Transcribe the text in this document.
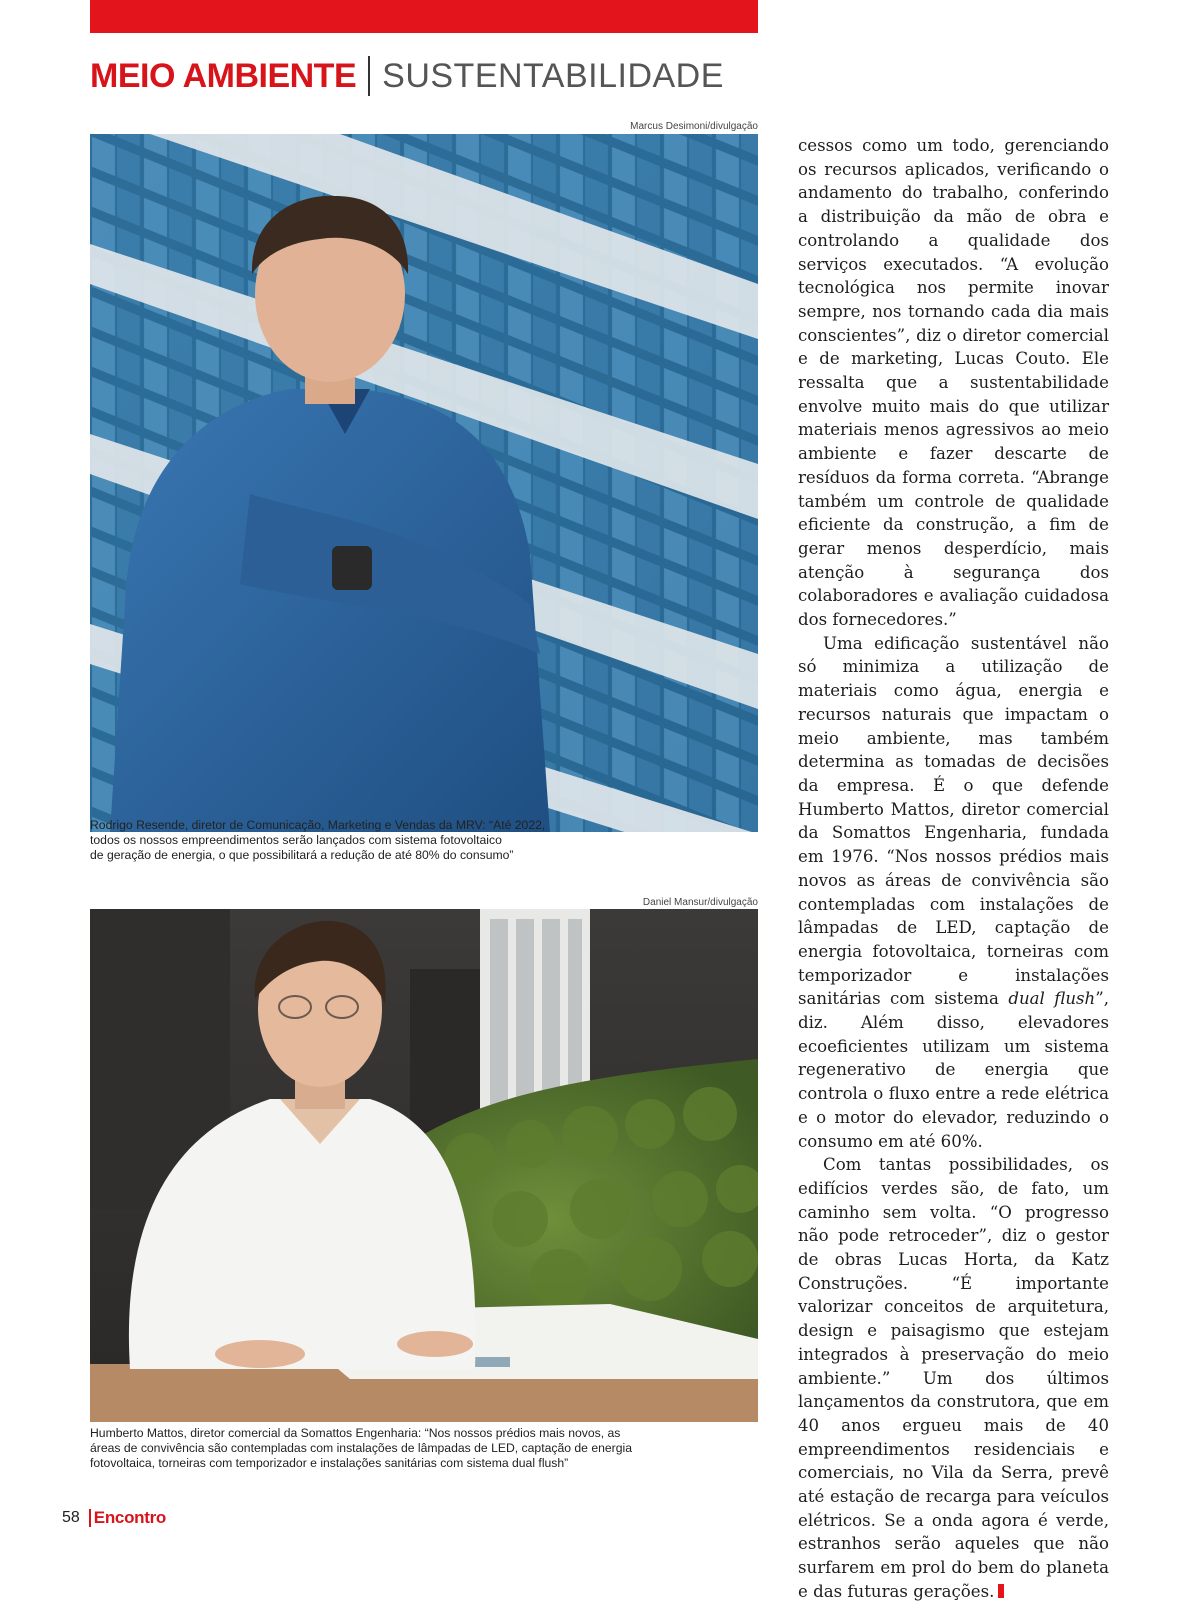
MEIO AMBIENTE SUSTENTABILIDADE
Marcus Desimoni/divulgação
Rodrigo Resende, diretor de Comunicação, Marketing e Vendas da MRV: “Até 2022,
todos os nossos empreendimentos serão lançados com sistema fotovoltaico
de geração de energia, o que possibilitará a redução de até 80% do consumo”
Daniel Mansur/divulgação
Humberto Mattos, diretor comercial da Somattos Engenharia: “Nos nossos prédios mais novos, as
áreas de convivência são contempladas com instalações de lâmpadas de LED, captação de energia
fotovoltaica, torneiras com temporizador e instalações sanitárias com sistema dual flush”

cessos como um todo, gerenciando os recursos aplicados, verificando o andamento do trabalho, conferindo a distribuição da mão de obra e controlando a qualidade dos serviços executados. “A evolução tecnológica nos permite inovar sempre, nos tornando cada dia mais conscientes”, diz o diretor comercial e de marketing, Lucas Couto. Ele ressalta que a sustentabilidade envolve muito mais do que utilizar materiais menos agressivos ao meio ambiente e fazer descarte de resíduos da forma correta. “Abrange também um controle de qualidade eficiente da construção, a fim de gerar menos desperdício, mais atenção à segurança dos colaboradores e avaliação cuidadosa dos fornecedores.”

Uma edificação sustentável não só minimiza a utilização de materiais como água, energia e recursos naturais que impactam o meio ambiente, mas também determina as tomadas de decisões da empresa. É o que defende Humberto Mattos, diretor comercial da Somattos Engenharia, fundada em 1976. “Nos nossos prédios mais novos as áreas de convivência são contempladas com instalações de lâmpadas de LED, captação de energia fotovoltaica, torneiras com temporizador e instalações sanitárias com sistema dual flush”, diz. Além disso, elevadores ecoeficientes utilizam um sistema regenerativo de energia que controla o fluxo entre a rede elétrica e o motor do elevador, reduzindo o consumo em até 60%.

Com tantas possibilidades, os edifícios verdes são, de fato, um caminho sem volta. “O progresso não pode retroceder”, diz o gestor de obras Lucas Horta, da Katz Construções. “É importante valorizar conceitos de arquitetura, design e paisagismo que estejam integrados à preservação do meio ambiente.” Um dos últimos lançamentos da construtora, que em 40 anos ergueu mais de 40 empreendimentos residenciais e comerciais, no Vila da Serra, prevê até estação de recarga para veículos elétricos. Se a onda agora é verde, estranhos serão aqueles que não surfarem em prol do bem do planeta e das futuras gerações.

58 Encontro
